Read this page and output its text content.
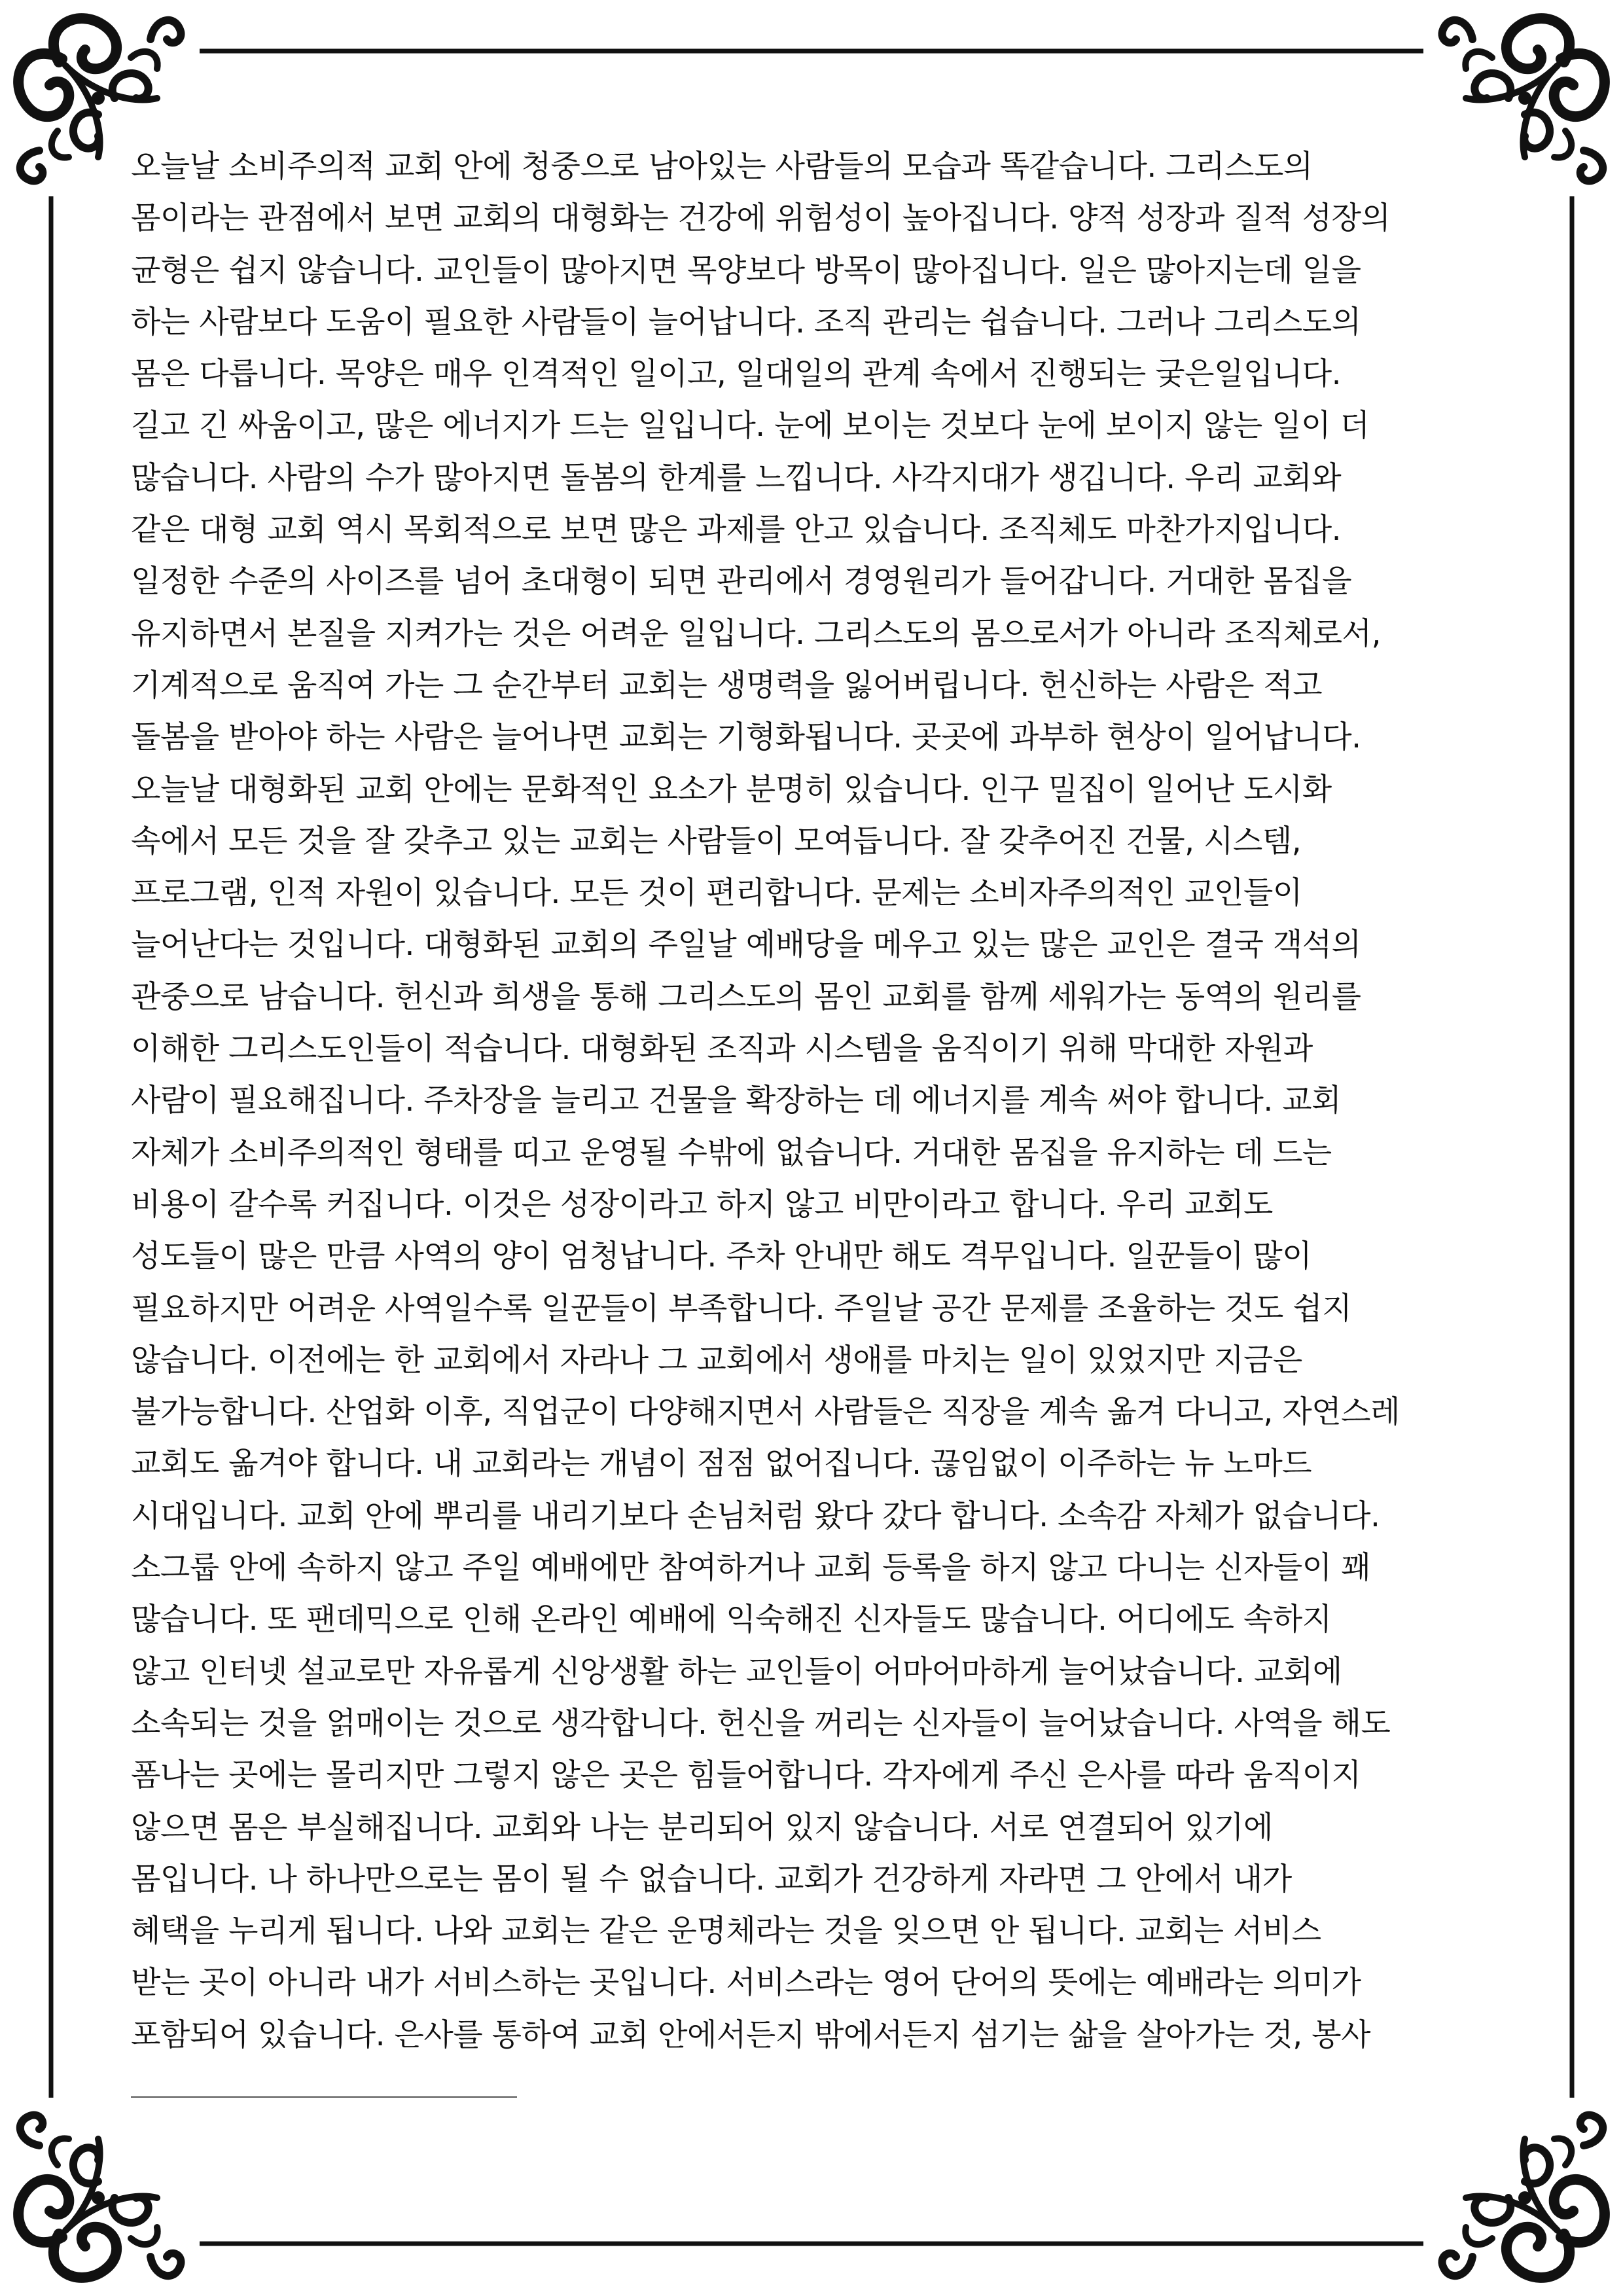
오늘날 소비주의적 교회 안에 청중으로 남아있는 사람들의 모습과 똑같습니다. 그리스도의
몸이라는 관점에서 보면 교회의 대형화는 건강에 위험성이 높아집니다. 양적 성장과 질적 성장의
균형은 쉽지 않습니다. 교인들이 많아지면 목양보다 방목이 많아집니다. 일은 많아지는데 일을
하는 사람보다 도움이 필요한 사람들이 늘어납니다. 조직 관리는 쉽습니다. 그러나 그리스도의
몸은 다릅니다. 목양은 매우 인격적인 일이고, 일대일의 관계 속에서 진행되는 궂은일입니다.
길고 긴 싸움이고, 많은 에너지가 드는 일입니다. 눈에 보이는 것보다 눈에 보이지 않는 일이 더
많습니다. 사람의 수가 많아지면 돌봄의 한계를 느낍니다. 사각지대가 생깁니다. 우리 교회와
같은 대형 교회 역시 목회적으로 보면 많은 과제를 안고 있습니다. 조직체도 마찬가지입니다.
일정한 수준의 사이즈를 넘어 초대형이 되면 관리에서 경영원리가 들어갑니다. 거대한 몸집을
유지하면서 본질을 지켜가는 것은 어려운 일입니다. 그리스도의 몸으로서가 아니라 조직체로서,
기계적으로 움직여 가는 그 순간부터 교회는 생명력을 잃어버립니다. 헌신하는 사람은 적고
돌봄을 받아야 하는 사람은 늘어나면 교회는 기형화됩니다. 곳곳에 과부하 현상이 일어납니다.
오늘날 대형화된 교회 안에는 문화적인 요소가 분명히 있습니다. 인구 밀집이 일어난 도시화
속에서 모든 것을 잘 갖추고 있는 교회는 사람들이 모여듭니다. 잘 갖추어진 건물, 시스템,
프로그램, 인적 자원이 있습니다. 모든 것이 편리합니다. 문제는 소비자주의적인 교인들이
늘어난다는 것입니다. 대형화된 교회의 주일날 예배당을 메우고 있는 많은 교인은 결국 객석의
관중으로 남습니다. 헌신과 희생을 통해 그리스도의 몸인 교회를 함께 세워가는 동역의 원리를
이해한 그리스도인들이 적습니다. 대형화된 조직과 시스템을 움직이기 위해 막대한 자원과
사람이 필요해집니다. 주차장을 늘리고 건물을 확장하는 데 에너지를 계속 써야 합니다. 교회
자체가 소비주의적인 형태를 띠고 운영될 수밖에 없습니다. 거대한 몸집을 유지하는 데 드는
비용이 갈수록 커집니다. 이것은 성장이라고 하지 않고 비만이라고 합니다. 우리 교회도
성도들이 많은 만큼 사역의 양이 엄청납니다. 주차 안내만 해도 격무입니다. 일꾼들이 많이
필요하지만 어려운 사역일수록 일꾼들이 부족합니다. 주일날 공간 문제를 조율하는 것도 쉽지
않습니다. 이전에는 한 교회에서 자라나 그 교회에서 생애를 마치는 일이 있었지만 지금은
불가능합니다. 산업화 이후, 직업군이 다양해지면서 사람들은 직장을 계속 옮겨 다니고, 자연스레
교회도 옮겨야 합니다. 내 교회라는 개념이 점점 없어집니다. 끊임없이 이주하는 뉴 노마드
시대입니다. 교회 안에 뿌리를 내리기보다 손님처럼 왔다 갔다 합니다. 소속감 자체가 없습니다.
소그룹 안에 속하지 않고 주일 예배에만 참여하거나 교회 등록을 하지 않고 다니는 신자들이 꽤
많습니다. 또 팬데믹으로 인해 온라인 예배에 익숙해진 신자들도 많습니다. 어디에도 속하지
않고 인터넷 설교로만 자유롭게 신앙생활 하는 교인들이 어마어마하게 늘어났습니다. 교회에
소속되는 것을 얽매이는 것으로 생각합니다. 헌신을 꺼리는 신자들이 늘어났습니다. 사역을 해도
폼나는 곳에는 몰리지만 그렇지 않은 곳은 힘들어합니다. 각자에게 주신 은사를 따라 움직이지
않으면 몸은 부실해집니다. 교회와 나는 분리되어 있지 않습니다. 서로 연결되어 있기에
몸입니다. 나 하나만으로는 몸이 될 수 없습니다. 교회가 건강하게 자라면 그 안에서 내가
혜택을 누리게 됩니다. 나와 교회는 같은 운명체라는 것을 잊으면 안 됩니다. 교회는 서비스
받는 곳이 아니라 내가 서비스하는 곳입니다. 서비스라는 영어 단어의 뜻에는 예배라는 의미가
포함되어 있습니다. 은사를 통하여 교회 안에서든지 밖에서든지 섬기는 삶을 살아가는 것, 봉사
